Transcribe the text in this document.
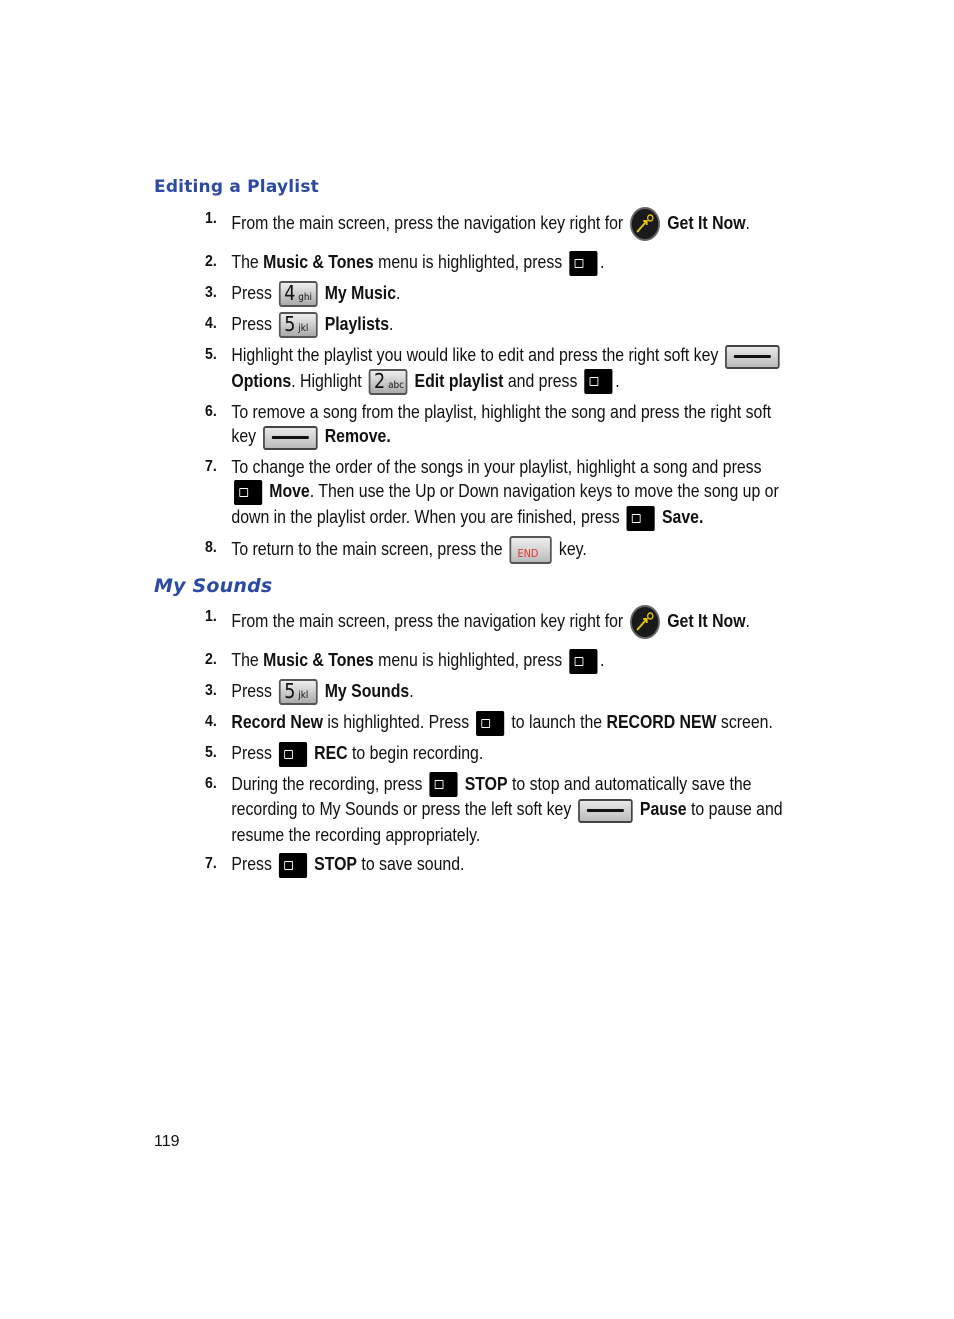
Editing a Playlist
1. From the main screen, press the navigation key right for Get It Now.
2. The Music & Tones menu is highlighted, press .
3. Press 4 ghi My Music.
4. Press 5 jkl Playlists.
5. Highlight the playlist you would like to edit and press the right soft key  Options. Highlight 2 abc Edit playlist and press .
6. To remove a song from the playlist, highlight the song and press the right soft key	Remove.
7. To change the order of the songs in your playlist, highlight a song and press  Move. Then use the Up or Down navigation keys to move the song up or down in the playlist order. When you are finished, press Save.
8. To return to the main screen, press the END key.
My Sounds
1. From the main screen, press the navigation key right for Get It Now.
2. The Music & Tones menu is highlighted, press .
3. Press 5 jkl My Sounds.
4. Record New is highlighted. Press to launch the RECORD NEW screen.
5. Press REC to begin recording.
6. During the recording, press STOP to stop and automatically save the recording to My Sounds or press the left soft key	Pause to pause and resume the recording appropriately.
7. Press STOP to save sound.
119
